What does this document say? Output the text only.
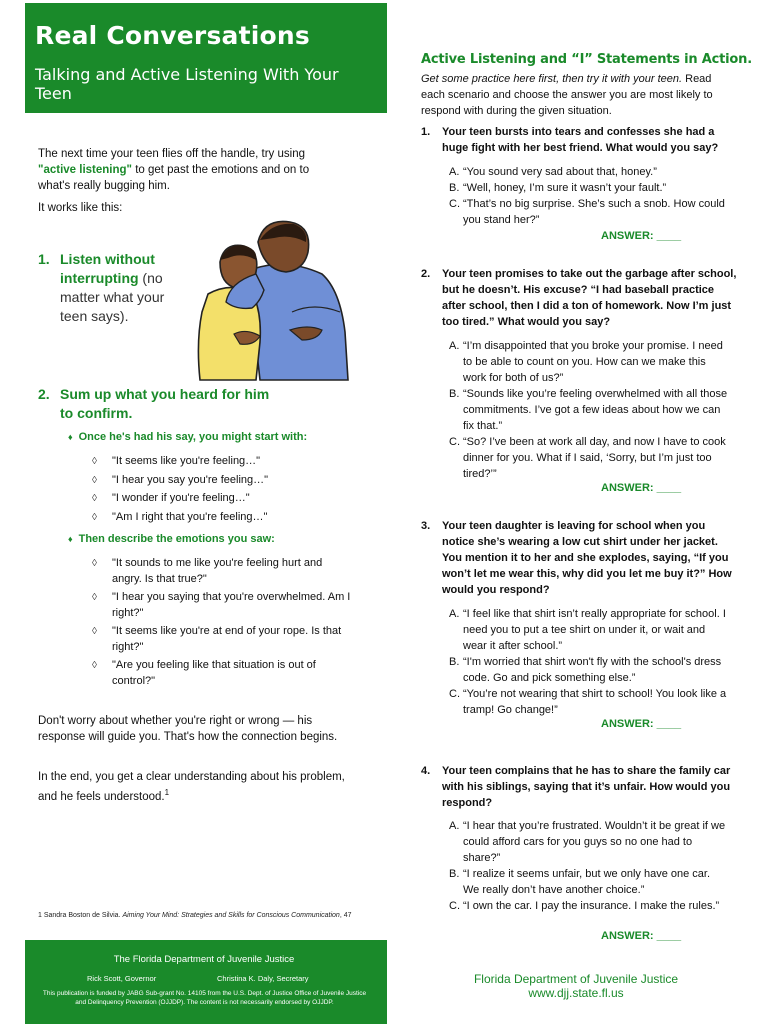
Real Conversations
Talking and Active Listening With Your Teen

The next time your teen flies off the handle, try using "active listening" to get past the emotions and on to what's really bugging him.

It works like this:

1. Listen without interrupting (no matter what your teen says).
2. Sum up what you heard for him to confirm.
♦ Once he's had his say, you might start with:
◊ "It seems like you're feeling…"
◊ "I hear you say you're feeling…"
◊ "I wonder if you're feeling…"
◊ "Am I right that you're feeling…"
♦ Then describe the emotions you saw:
◊ "It sounds to me like you're feeling hurt and angry. Is that true?"
◊ "I hear you saying that you're overwhelmed. Am I right?"
◊ "It seems like you're at end of your rope. Is that right?"
◊ "Are you feeling like that situation is out of control?"

Don't worry about whether you're right or wrong — his response will guide you. That's how the connection begins.

In the end, you get a clear understanding about his problem, and he feels understood.$^1$

1 Sandra Boston de Silvia. Aiming Your Mind: Strategies and Skills for Conscious Communication, 47

The Florida Department of Juvenile Justice
Rick Scott, Governor	Christina K. Daly, Secretary
This publication is funded by JABG Sub-grant No. 14105 from the U.S. Dept. of Justice Office of Juvenile Justice and Delinquency Prevention (OJJDP). The content is not necessarily endorsed by OJJDP.
Active Listening and “I” Statements in Action.

Get some practice here first, then try it with your teen. Read each scenario and choose the answer you are most likely to respond with during the given situation.

1.	Your teen bursts into tears and confesses she had a huge fight with her best friend. What would you say?
A. “You sound very sad about that, honey.”
B. “Well, honey, I’m sure it wasn’t your fault.”
C. “That’s no big surprise. She’s such a snob. How could you stand her?”
ANSWER: ____
2.	Your teen promises to take out the garbage after school, but he doesn’t. His excuse? “I had baseball practice after school, then I did a ton of homework. Now I’m just too tired.” What would you say?
A. “I’m disappointed that you broke your promise. I need to be able to count on you. How can we make this work for both of us?”
B. “Sounds like you’re feeling overwhelmed with all those commitments. I’ve got a few ideas about how we can fix that.”
C. “So? I’ve been at work all day, and now I have to cook dinner for you. What if I said, ‘Sorry, but I’m just too tired?’”
ANSWER: ____
3.	Your teen daughter is leaving for school when you notice she’s wearing a low cut shirt under her jacket. You mention it to her and she explodes, saying, “If you won’t let me wear this, why did you let me buy it?” How would you respond?
A. “I feel like that shirt isn’t really appropriate for school. I need you to put a tee shirt on under it, or wait and wear it after school.”
B. “I'm worried that shirt won't fly with the school's dress code. Go and pick something else.”
C. “You’re not wearing that shirt to school! You look like a tramp! Go change!”
ANSWER: ____
4.	Your teen complains that he has to share the family car with his siblings, saying that it’s unfair. How would you respond?
A. “I hear that you’re frustrated. Wouldn’t it be great if we could afford cars for you guys so no one had to share?”
B. “I realize it seems unfair, but we only have one car. We really don’t have another choice.”
C. “I own the car. I pay the insurance. I make the rules.”
ANSWER: ____
Florida Department of Juvenile Justice
www.djj.state.fl.us
